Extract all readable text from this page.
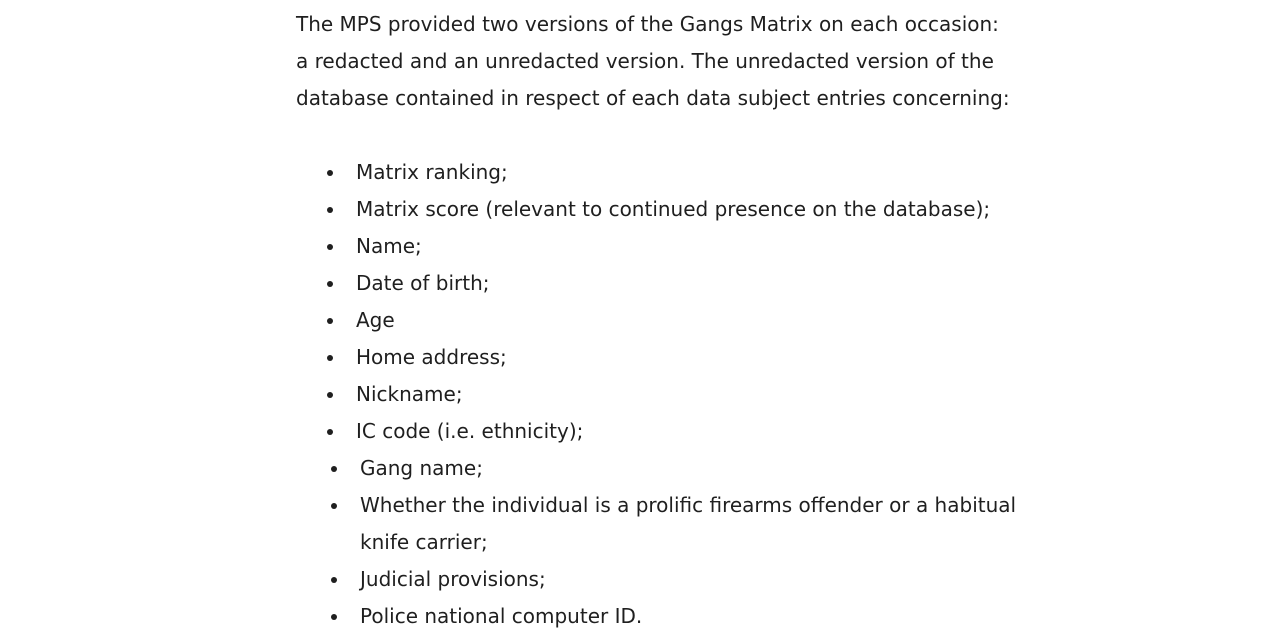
The MPS provided two versions of the Gangs Matrix on each occasion:
a redacted and an unredacted version. The unredacted version of the
database contained in respect of each data subject entries concerning:

Matrix ranking;
Matrix score (relevant to continued presence on the database);
Name;
Date of birth;
Age
Home address;
Nickname;
IC code (i.e. ethnicity);
Gang name;
Whether the individual is a prolific firearms offender or a habitual
knife carrier;
Judicial provisions;
Police national computer ID.
